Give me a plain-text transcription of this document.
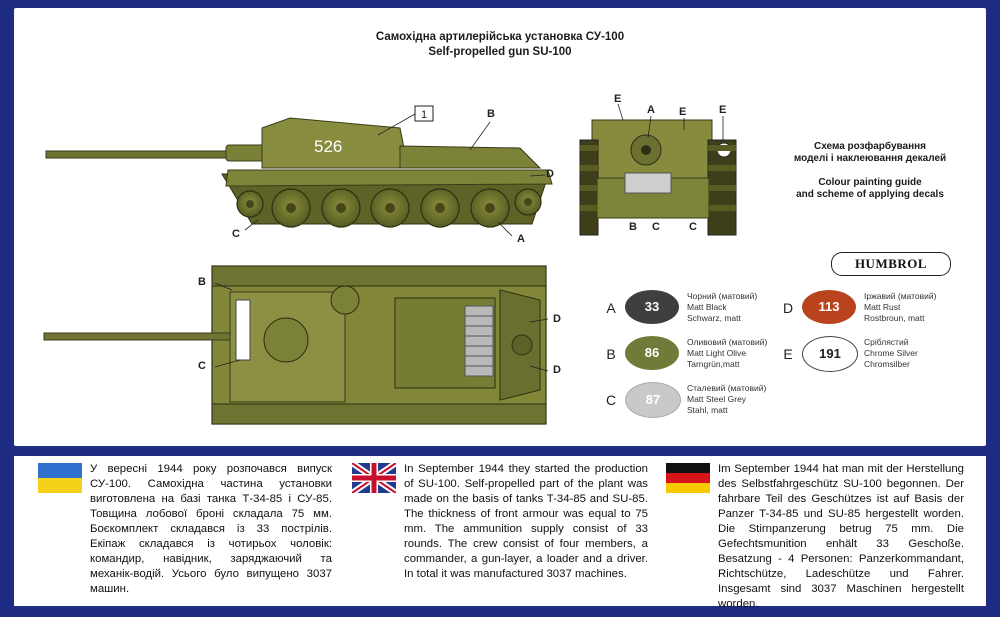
Самохідна артилерійська установка СУ-100
Self-propelled gun SU-100
526
1	B
D
C	A
E
A E	E
B C	C
B
C
D
D
Схема розфарбування
моделі і наклеювання декалей
Colour painting guide
and scheme of applying decals
HUMBROL
A	33
Чорний (матовий)
Matt Black
Schwarz, matt
B	86
Оливовий (матовий)
Matt Light Olive
Tarngrün,matt
C	87
Сталевий (матовий)
Matt Steel Grey
Stahl, matt
D	113
Іржавий (матовий)
Matt Rust
Rostbroun, matt
E	191
Сріблястий
Chrome Silver
Chromsilber
У вересні 1944 року розпочався випуск СУ-100. Самохідна частина установки виготовлена на базі танка Т-34-85 і СУ-85. Товщина лобової броні складала 75 мм. Боєкомплект складався із 33 пострілів. Екіпаж складався із чотирьох чоловік: командир, навідник, заряджаючий та механік-водій. Усього було випущено 3037 машин.
In September 1944 they started the production of SU-100. Self-propelled part of the plant was made on the basis of tanks T-34-85 and SU-85. The thickness of front armour was equal to 75 mm. The ammunition supply consist of 33 rounds. The crew consist of four members, a commander, a gun-layer, a loader and a driver. In total it was manufactured 3037 machines.
Im September 1944 hat man mit der Herstellung des Selbstfahrgeschütz SU-100 begonnen. Der fahrbare Teil des Geschützes ist auf Basis der Panzer T-34-85 und SU-85 hergestellt worden. Die Stirnpanzerung betrug 75 mm. Die Gefechtsmunition enhält 33 Geschoße. Besatzung - 4 Personen: Panzerkommandant, Richtschütze, Ladeschütze und Fahrer. Insgesamt sind 3037 Maschinen hergestellt worden.
